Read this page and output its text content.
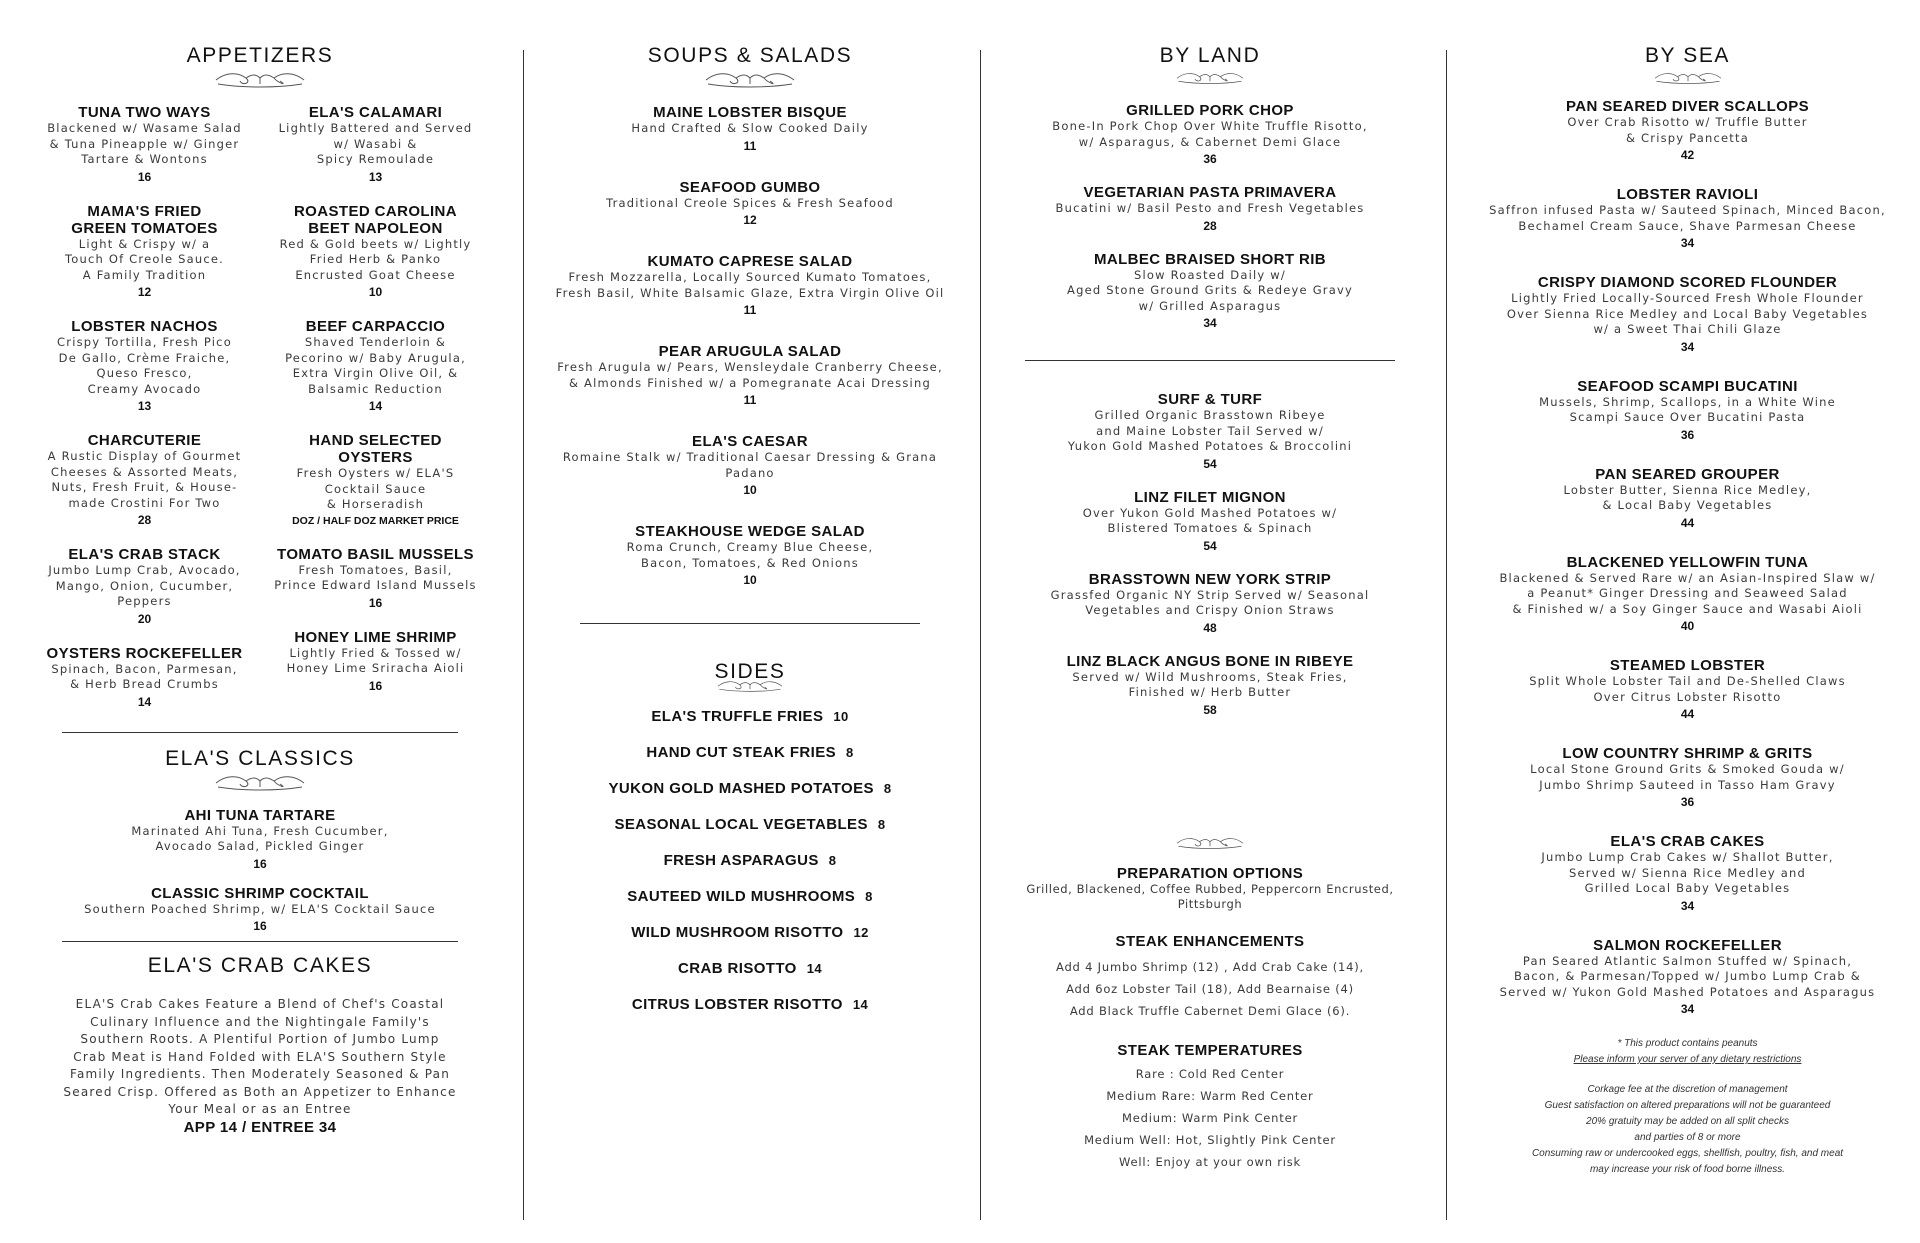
APPETIZERS
TUNA TWO WAYS
Blackened w/ Wasame Salad
& Tuna Pineapple w/ Ginger
Tartare & Wontons
16
MAMA'S FRIED
GREEN TOMATOES
Light & Crispy w/ a
Touch Of Creole Sauce.
A Family Tradition
12
LOBSTER NACHOS
Crispy Tortilla, Fresh Pico
De Gallo, Crème Fraiche,
Queso Fresco,
Creamy Avocado
13
CHARCUTERIE
A Rustic Display of Gourmet
Cheeses & Assorted Meats,
Nuts, Fresh Fruit, & House-
made Crostini For Two
28
ELA'S CRAB STACK
Jumbo Lump Crab, Avocado,
Mango, Onion, Cucumber,
Peppers
20
OYSTERS ROCKEFELLER
Spinach, Bacon, Parmesan,
& Herb Bread Crumbs
14
ELA'S CALAMARI
Lightly Battered and Served
w/ Wasabi &
Spicy Remoulade
13
ROASTED CAROLINA
BEET NAPOLEON
Red & Gold beets w/ Lightly
Fried Herb & Panko
Encrusted Goat Cheese
10
BEEF CARPACCIO
Shaved Tenderloin &
Pecorino w/ Baby Arugula,
Extra Virgin Olive Oil, &
Balsamic Reduction
14
HAND SELECTED
OYSTERS
Fresh Oysters w/ ELA'S
Cocktail Sauce
& Horseradish
DOZ / HALF DOZ MARKET PRICE
TOMATO BASIL MUSSELS
Fresh Tomatoes, Basil,
Prince Edward Island Mussels
16
HONEY LIME SHRIMP
Lightly Fried & Tossed w/
Honey Lime Sriracha Aioli
16
ELA'S CLASSICS
AHI TUNA TARTARE
Marinated Ahi Tuna, Fresh Cucumber,
Avocado Salad, Pickled Ginger
16
CLASSIC SHRIMP COCKTAIL
Southern Poached Shrimp, w/ ELA'S Cocktail Sauce
16
ELA'S CRAB CAKES
ELA'S Crab Cakes Feature a Blend of Chef's Coastal
Culinary Influence and the Nightingale Family's
Southern Roots. A Plentiful Portion of Jumbo Lump
Crab Meat is Hand Folded with ELA'S Southern Style
Family Ingredients. Then Moderately Seasoned & Pan
Seared Crisp. Offered as Both an Appetizer to Enhance
Your Meal or as an Entree
APP 14 / ENTREE 34
SOUPS & SALADS
MAINE LOBSTER BISQUE
Hand Crafted & Slow Cooked Daily
11
SEAFOOD GUMBO
Traditional Creole Spices & Fresh Seafood
12
KUMATO CAPRESE SALAD
Fresh Mozzarella, Locally Sourced Kumato Tomatoes,
Fresh Basil, White Balsamic Glaze, Extra Virgin Olive Oil
11
PEAR ARUGULA SALAD
Fresh Arugula w/ Pears, Wensleydale Cranberry Cheese,
& Almonds Finished w/ a Pomegranate Acai Dressing
11
ELA'S CAESAR
Romaine Stalk w/ Traditional Caesar Dressing & Grana Padano
10
STEAKHOUSE WEDGE SALAD
Roma Crunch, Creamy Blue Cheese,
Bacon, Tomatoes, & Red Onions
10
SIDES
ELA'S TRUFFLE FRIES 10
HAND CUT STEAK FRIES 8
YUKON GOLD MASHED POTATOES 8
SEASONAL LOCAL VEGETABLES 8
FRESH ASPARAGUS 8
SAUTEED WILD MUSHROOMS 8
WILD MUSHROOM RISOTTO 12
CRAB RISOTTO 14
CITRUS LOBSTER RISOTTO 14
BY LAND
GRILLED PORK CHOP
Bone-In Pork Chop Over White Truffle Risotto,
w/ Asparagus, & Cabernet Demi Glace
36
VEGETARIAN PASTA PRIMAVERA
Bucatini w/ Basil Pesto and Fresh Vegetables
28
MALBEC BRAISED SHORT RIB
Slow Roasted Daily w/
Aged Stone Ground Grits & Redeye Gravy
w/ Grilled Asparagus
34
SURF & TURF
Grilled Organic Brasstown Ribeye
and Maine Lobster Tail Served w/
Yukon Gold Mashed Potatoes & Broccolini
54
LINZ FILET MIGNON
Over Yukon Gold Mashed Potatoes w/
Blistered Tomatoes & Spinach
54
BRASSTOWN NEW YORK STRIP
Grassfed Organic NY Strip Served w/ Seasonal
Vegetables and Crispy Onion Straws
48
LINZ BLACK ANGUS BONE IN RIBEYE
Served w/ Wild Mushrooms, Steak Fries,
Finished w/ Herb Butter
58
PREPARATION OPTIONS
Grilled, Blackened, Coffee Rubbed, Peppercorn Encrusted, Pittsburgh
STEAK ENHANCEMENTS
Add 4 Jumbo Shrimp (12) , Add Crab Cake (14),
Add 6oz Lobster Tail (18), Add Bearnaise (4)
Add Black Truffle Cabernet Demi Glace (6).
STEAK TEMPERATURES
Rare : Cold Red Center
Medium Rare: Warm Red Center
Medium: Warm Pink Center
Medium Well: Hot, Slightly Pink Center
Well: Enjoy at your own risk
BY SEA
PAN SEARED DIVER SCALLOPS
Over Crab Risotto w/ Truffle Butter
& Crispy Pancetta
42
LOBSTER RAVIOLI
Saffron infused Pasta w/ Sauteed Spinach, Minced Bacon,
Bechamel Cream Sauce, Shave Parmesan Cheese
34
CRISPY DIAMOND SCORED FLOUNDER
Lightly Fried Locally-Sourced Fresh Whole Flounder
Over Sienna Rice Medley and Local Baby Vegetables
w/ a Sweet Thai Chili Glaze
34
SEAFOOD SCAMPI BUCATINI
Mussels, Shrimp, Scallops, in a White Wine
Scampi Sauce Over Bucatini Pasta
36
PAN SEARED GROUPER
Lobster Butter, Sienna Rice Medley,
& Local Baby Vegetables
44
BLACKENED YELLOWFIN TUNA
Blackened & Served Rare w/ an Asian-Inspired Slaw w/
a Peanut* Ginger Dressing and Seaweed Salad
& Finished w/ a Soy Ginger Sauce and Wasabi Aioli
40
STEAMED LOBSTER
Split Whole Lobster Tail and De-Shelled Claws
Over Citrus Lobster Risotto
44
LOW COUNTRY SHRIMP & GRITS
Local Stone Ground Grits & Smoked Gouda w/
Jumbo Shrimp Sauteed in Tasso Ham Gravy
36
ELA'S CRAB CAKES
Jumbo Lump Crab Cakes w/ Shallot Butter,
Served w/ Sienna Rice Medley and
Grilled Local Baby Vegetables
34
SALMON ROCKEFELLER
Pan Seared Atlantic Salmon Stuffed w/ Spinach,
Bacon, & Parmesan/Topped w/ Jumbo Lump Crab &
Served w/ Yukon Gold Mashed Potatoes and Asparagus
34
* This product contains peanuts
Please inform your server of any dietary restrictions
Corkage fee at the discretion of management
Guest satisfaction on altered preparations will not be guaranteed
20% gratuity may be added on all split checks
and parties of 8 or more
Consuming raw or undercooked eggs, shellfish, poultry, fish, and meat
may increase your risk of food borne illness.
